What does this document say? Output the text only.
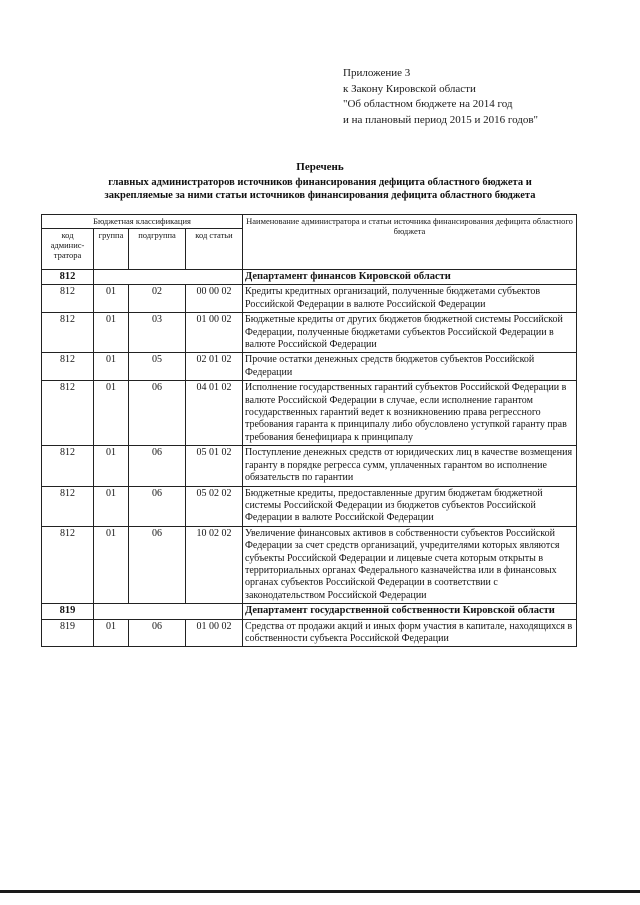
Приложение 3
к Закону Кировской области
"Об областном бюджете на 2014 год
и на плановый период 2015 и 2016 годов"
Перечень
главных администраторов источников финансирования дефицита областного бюджета и
закрепляемые за ними статьи источников финансирования дефицита областного бюджета
Бюджетная классификация				Наименование администратора и статьи источника финансирования дефицита областного бюджета
код админис-тратора	группа	подгруппа	код статьи	
812				Департамент финансов Кировской области
812	01	02	00 00 02	Кредиты кредитных организаций, полученные бюджетами субъектов Российской Федерации в валюте Российской Федерации
812	01	03	01 00 02	Бюджетные кредиты от других бюджетов бюджетной системы Российской Федерации, полученные бюджетами субъектов Российской Федерации в валюте Российской Федерации
812	01	05	02 01 02	Прочие остатки денежных средств бюджетов субъектов Российской Федерации
812	01	06	04 01 02	Исполнение государственных гарантий субъектов Российской Федерации в валюте Российской Федерации в случае, если исполнение гарантом государственных гарантий ведет к возникновению права регрессного требования гаранта к принципалу либо обусловлено уступкой гаранту прав требования бенефициара к принципалу
812	01	06	05 01 02	Поступление денежных средств от юридических лиц в качестве возмещения гаранту в порядке регресса сумм, уплаченных гарантом во исполнение обязательств по гарантии
812	01	06	05 02 02	Бюджетные кредиты, предоставленные другим бюджетам бюджетной системы Российской Федерации из бюджетов субъектов Российской Федерации в валюте Российской Федерации
812	01	06	10 02 02	Увеличение финансовых активов в собственности субъектов Российской Федерации за счет средств организаций, учредителями которых являются субъекты Российской Федерации и лицевые счета которым открыты в территориальных органах Федерального казначейства или в финансовых органах субъектов Российской Федерации в соответствии с законодательством Российской Федерации
819				Департамент государственной собственности Кировской области
819	01	06	01 00 02	Средства от продажи акций и иных форм участия в капитале, находящихся в собственности субъекта Российской Федерации
